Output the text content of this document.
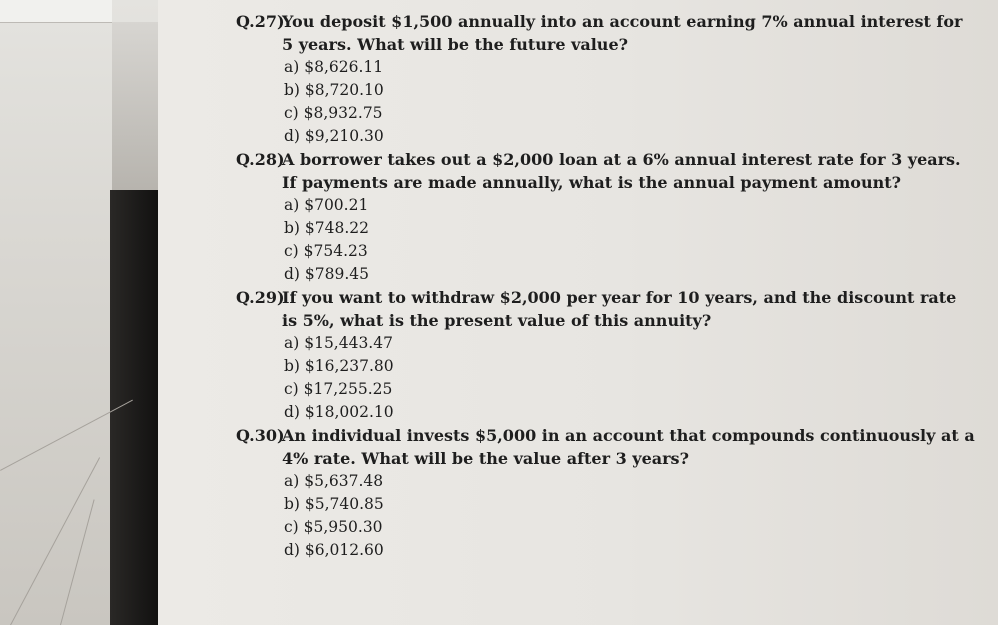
Q.27)
You deposit $1,500 annually into an account earning 7% annual interest for 5 years. What will be the future value?
a) $8,626.11
b) $8,720.10
c) $8,932.75
d) $9,210.30
Q.28)
A borrower takes out a $2,000 loan at a 6% annual interest rate for 3 years. If payments are made annually, what is the annual payment amount?
a) $700.21
b) $748.22
c) $754.23
d) $789.45
Q.29)
If you want to withdraw $2,000 per year for 10 years, and the discount rate is 5%, what is the present value of this annuity?
a) $15,443.47
b) $16,237.80
c) $17,255.25
d) $18,002.10
Q.30)
An individual invests $5,000 in an account that compounds continuously at a 4% rate. What will be the value after 3 years?
a) $5,637.48
b) $5,740.85
c) $5,950.30
d) $6,012.60
